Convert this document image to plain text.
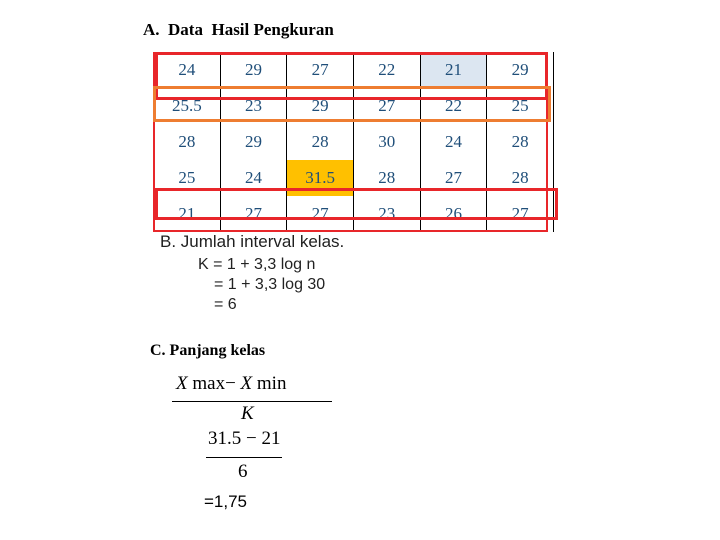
A.  Data  Hasil Pengkuran
24	29	27	22	21	29
25.5	23	29	27	22	25
28	29	28	30	24	28
25	24	31.5	28	27	28
21	27	27	23	26	27
B. Jumlah interval kelas.
K = 1 + 3,3 log n
= 1 + 3,3 log 30
= 6
C. Panjang kelas
X max− X min
K
31.5 − 21
6
=1,75
